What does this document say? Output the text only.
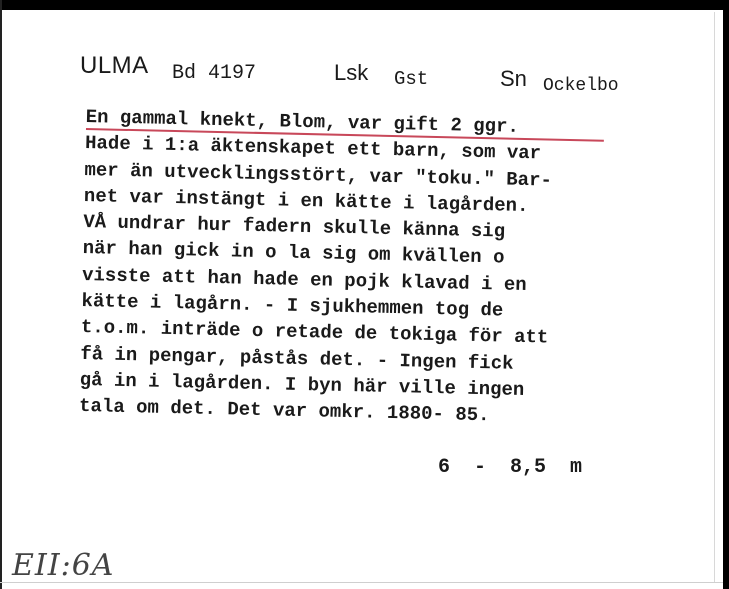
ULMA Bd 4197	Lsk Gst	Sn Ockelbo
En gammal knekt, Blom, var gift 2 ggr.
Hade i 1:a äktenskapet ett barn, som var
mer än utvecklingsstört, var "toku." Bar-
net var instängt i en kätte i lagården.
VÅ undrar hur fadern skulle känna sig
när han gick in o la sig om kvällen o
visste att han hade en pojk klavad i en
kätte i lagårn. - I sjukhemmen tog de
t.o.m. inträde o retade de tokiga för att
få in pengar, påstås det. - Ingen fick
gå in i lagården. I byn här ville ingen
tala om det. Det var omkr. 1880- 85.
6  -  8,5  m
EII:6A
